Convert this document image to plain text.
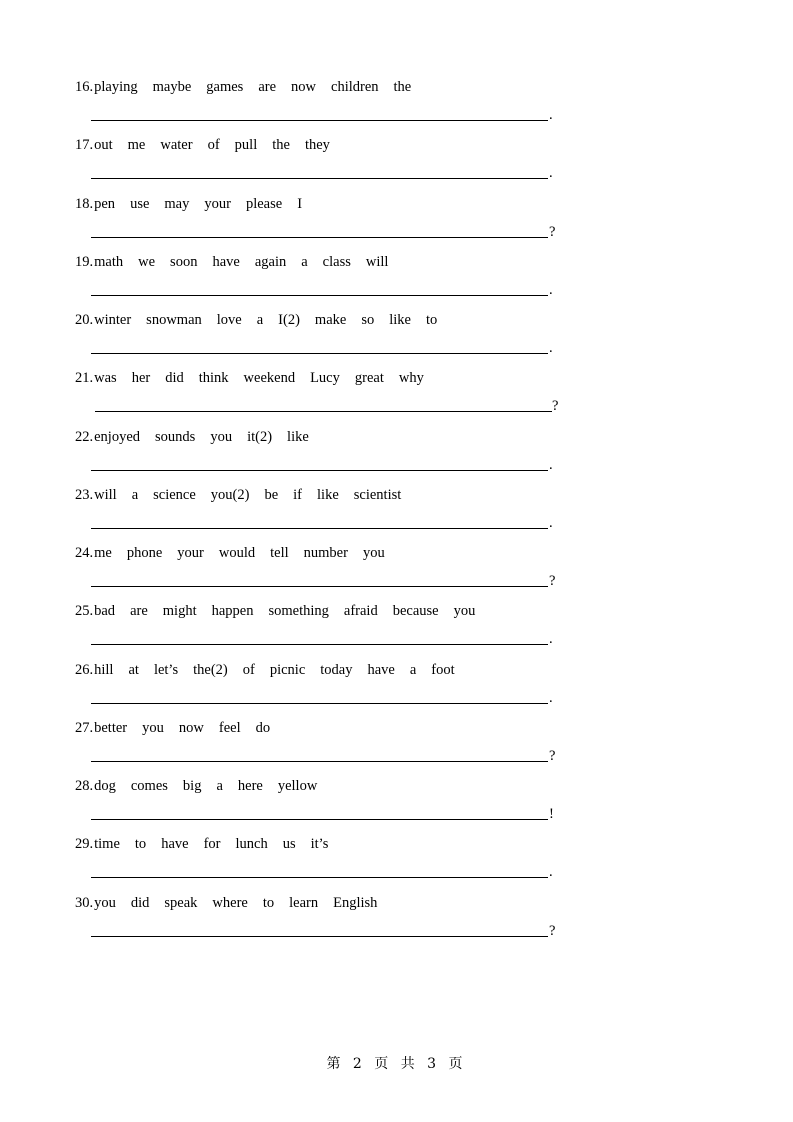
16.playing maybe games are now children the
.
17.out me water of pull the they
.
18.pen use may your please I
?
19.math we soon have again a class will
.
20.winter snowman love a I(2) make so like to
.
21.was her did think weekend Lucy great why
?
22.enjoyed sounds you it(2) like
.
23.will a science you(2) be if like scientist
.
24.me phone your would tell number you
?
25.bad are might happen something afraid because you
.
26.hill at let’s the(2) of picnic today have a foot
.
27.better you now feel do
?
28.dog comes big a here yellow
!
29.time to have for lunch us it’s
.
30.you did speak where to learn English
?
第 2 页 共 3 页
